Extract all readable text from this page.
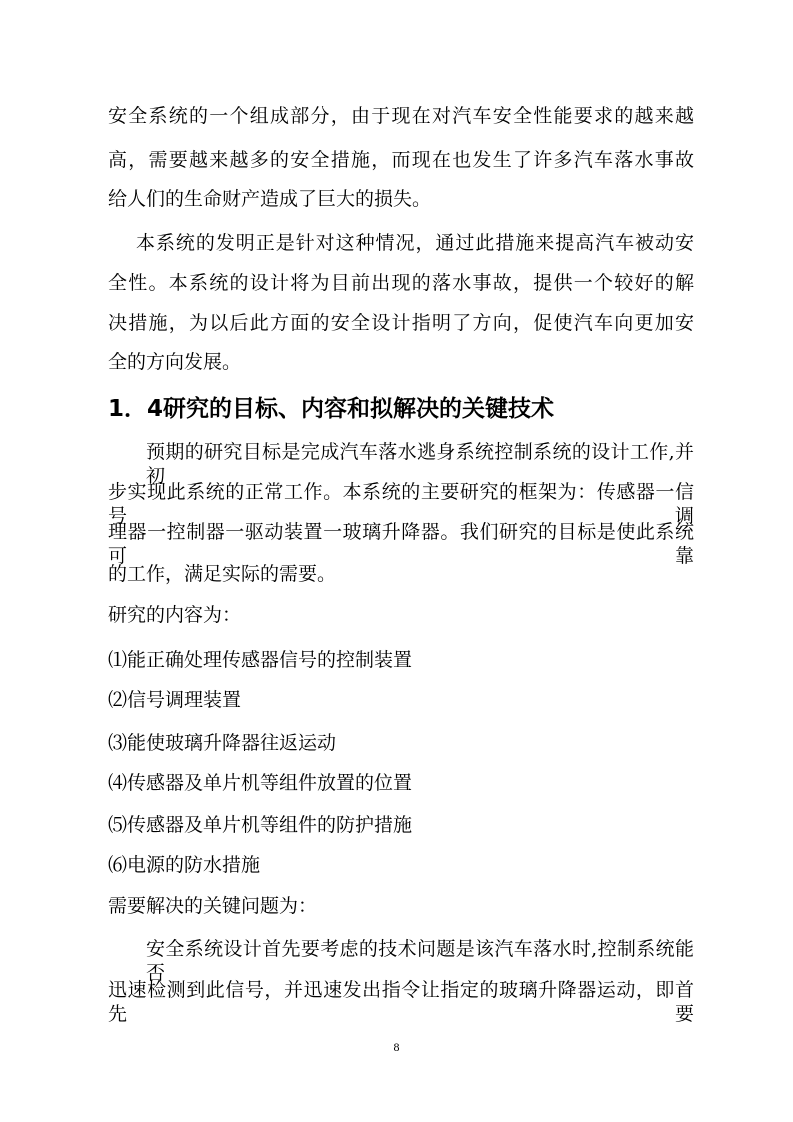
安全系统的一个组成部分，由于现在对汽车安全性能要求的越来越
高，需要越来越多的安全措施，而现在也发生了许多汽车落水事故
给人们的生命财产造成了巨大的损失。
本系统的发明正是针对这种情况，通过此措施来提高汽车被动安
全性。本系统的设计将为目前出现的落水事故，提供一个较好的解
决措施，为以后此方面的安全设计指明了方向，促使汽车向更加安
全的方向发展。
1．4研究的目标、内容和拟解决的关键技术
预期的研究目标是完成汽车落水逃身系统控制系统的设计工作,并初
步实现此系统的正常工作。本系统的主要研究的框架为：传感器一信号调
理器一控制器一驱动装置一玻璃升降器。我们研究的目标是使此系统可靠
的工作，满足实际的需要。
研究的内容为：
⑴能正确处理传感器信号的控制装置
⑵信号调理装置
⑶能使玻璃升降器往返运动
⑷传感器及单片机等组件放置的位置
⑸传感器及单片机等组件的防护措施
⑹电源的防水措施
需要解决的关键问题为：
安全系统设计首先要考虑的技术问题是该汽车落水时,控制系统能否
迅速检测到此信号，并迅速发出指令让指定的玻璃升降器运动，即首先要
8
